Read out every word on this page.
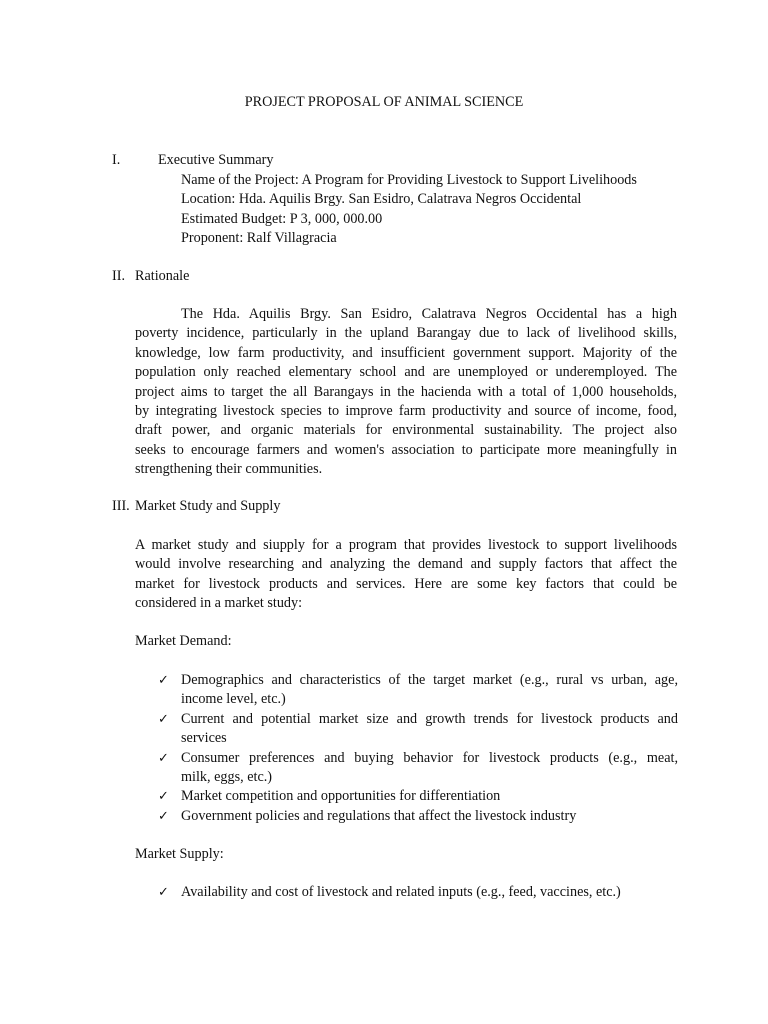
PROJECT PROPOSAL OF ANIMAL SCIENCE
I.	Executive Summary
Name of the Project: A Program for Providing Livestock to Support Livelihoods
Location: Hda. Aquilis Brgy. San Esidro, Calatrava Negros Occidental
Estimated Budget: P 3, 000, 000.00
Proponent: Ralf Villagracia
II. Rationale
The Hda. Aquilis Brgy. San Esidro, Calatrava Negros Occidental has a high
poverty incidence, particularly in the upland Barangay due to lack of livelihood skills,
knowledge, low farm productivity, and insufficient government support. Majority of the
population only reached elementary school and are unemployed or underemployed. The
project aims to target the all Barangays in the hacienda with a total of 1,000 households,
by integrating livestock species to improve farm productivity and source of income, food,
draft power, and organic materials for environmental sustainability. The project also
seeks to encourage farmers and women's association to participate more meaningfully in
strengthening their communities.
III. Market Study and Supply
A market study and siupply for a program that provides livestock to support livelihoods
would involve researching and analyzing the demand and supply factors that affect the
market for livestock products and services. Here are some key factors that could be
considered in a market study:
Market Demand:
✓ Demographics and characteristics of the target market (e.g., rural vs urban, age,
income level, etc.)
✓ Current and potential market size and growth trends for livestock products and
services
✓ Consumer preferences and buying behavior for livestock products (e.g., meat,
milk, eggs, etc.)
✓ Market competition and opportunities for differentiation
✓ Government policies and regulations that affect the livestock industry
Market Supply:
✓ Availability and cost of livestock and related inputs (e.g., feed, vaccines, etc.)
